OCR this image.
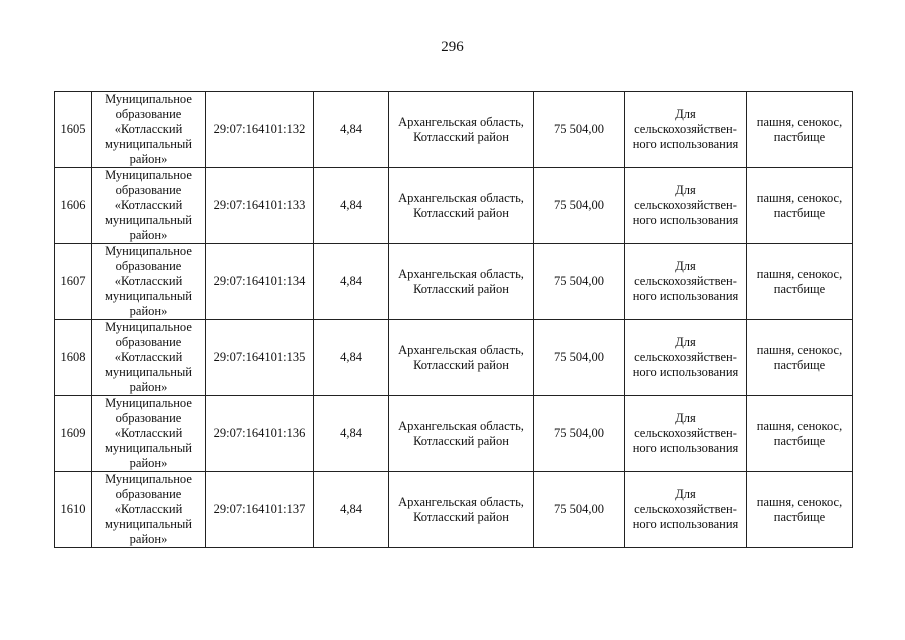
296
1605	Муниципальное
образование
«Котласский
муниципальный
район»	29:07:164101:132	4,84	Архангельская область,
Котласский район	75 504,00	Для
сельскохозяйствен-
ного использования	пашня, сенокос,
пастбище
1606	Муниципальное
образование
«Котласский
муниципальный
район»	29:07:164101:133	4,84	Архангельская область,
Котласский район	75 504,00	Для
сельскохозяйствен-
ного использования	пашня, сенокос,
пастбище
1607	Муниципальное
образование
«Котласский
муниципальный
район»	29:07:164101:134	4,84	Архангельская область,
Котласский район	75 504,00	Для
сельскохозяйствен-
ного использования	пашня, сенокос,
пастбище
1608	Муниципальное
образование
«Котласский
муниципальный
район»	29:07:164101:135	4,84	Архангельская область,
Котласский район	75 504,00	Для
сельскохозяйствен-
ного использования	пашня, сенокос,
пастбище
1609	Муниципальное
образование
«Котласский
муниципальный
район»	29:07:164101:136	4,84	Архангельская область,
Котласский район	75 504,00	Для
сельскохозяйствен-
ного использования	пашня, сенокос,
пастбище
1610	Муниципальное
образование
«Котласский
муниципальный
район»	29:07:164101:137	4,84	Архангельская область,
Котласский район	75 504,00	Для
сельскохозяйствен-
ного использования	пашня, сенокос,
пастбище
